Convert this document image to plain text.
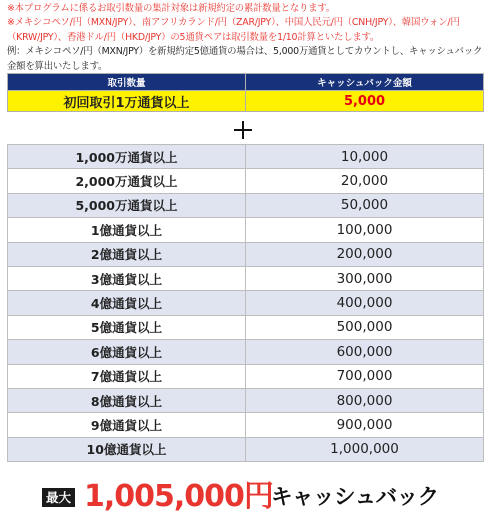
※本プログラムに係るお取引数量の集計対象は新規約定の累計数量となります。
※メキシコペソ/円（MXN/JPY）、南アフリカランド/円（ZAR/JPY）、中国人民元/円（CNH/JPY）、韓国ウォン/円（KRW/JPY）、香港ドル/円（HKD/JPY）の5通貨ペアは取引数量を1/10計算といたします。
例：メキシコペソ/円（MXN/JPY）を新規約定5億通貨の場合は、5,000万通貨としてカウントし、キャッシュバック金額を算出いたします。
取引数量	キャッシュバック金額
初回取引1万通貨以上	5,000
1,000万通貨以上	10,000
2,000万通貨以上	20,000
5,000万通貨以上	50,000
1億通貨以上	100,000
2億通貨以上	200,000
3億通貨以上	300,000
4億通貨以上	400,000
5億通貨以上	500,000
6億通貨以上	600,000
7億通貨以上	700,000
8億通貨以上	800,000
9億通貨以上	900,000
10億通貨以上	1,000,000
最大 1,005,000円
キャッシュバック
